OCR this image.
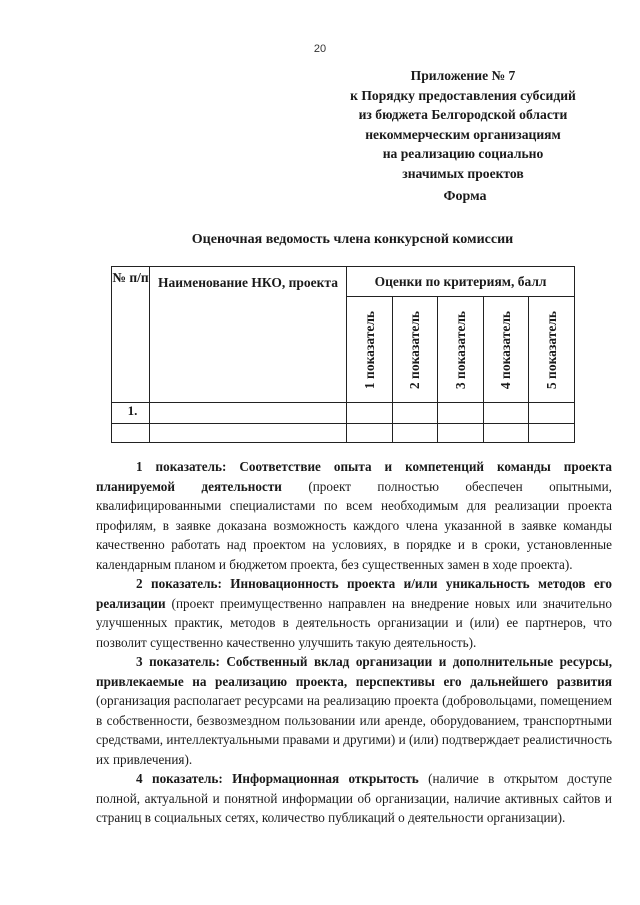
20
Приложение № 7
к Порядку предоставления субсидий
из бюджета Белгородской области
некоммерческим организациям
на реализацию социально
значимых проектов
Форма
Оценочная ведомость члена конкурсной комиссии
№ п/п	Наименование НКО, проекта	Оценки по критериям, балл				

		1 показатель	2 показатель	3 показатель	4 показатель	5 показатель

1.						

1 показатель: Соответствие опыта и компетенций команды проекта планируемой деятельности (проект полностью обеспечен опытными, квалифицированными специалистами по всем необходимым для реализации проекта профилям, в заявке доказана возможность каждого члена указанной в заявке команды качественно работать над проектом на условиях, в порядке и в сроки, установленные календарным планом и бюджетом проекта, без существенных замен в ходе проекта).

2 показатель: Инновационность проекта и/или уникальность методов его реализации (проект преимущественно направлен на внедрение новых или значительно улучшенных практик, методов в деятельность организации и (или) ее партнеров, что позволит существенно качественно улучшить такую деятельность).

3 показатель: Собственный вклад организации и дополнительные ресурсы, привлекаемые на реализацию проекта, перспективы его дальнейшего развития (организация располагает ресурсами на реализацию проекта (добровольцами, помещением в собственности, безвозмездном пользовании или аренде, оборудованием, транспортными средствами, интеллектуальными правами и другими) и (или) подтверждает реалистичность их привлечения).

4 показатель: Информационная открытость (наличие в открытом доступе полной, актуальной и понятной информации об организации, наличие активных сайтов и страниц в социальных сетях, количество публикаций о деятельности организации).
